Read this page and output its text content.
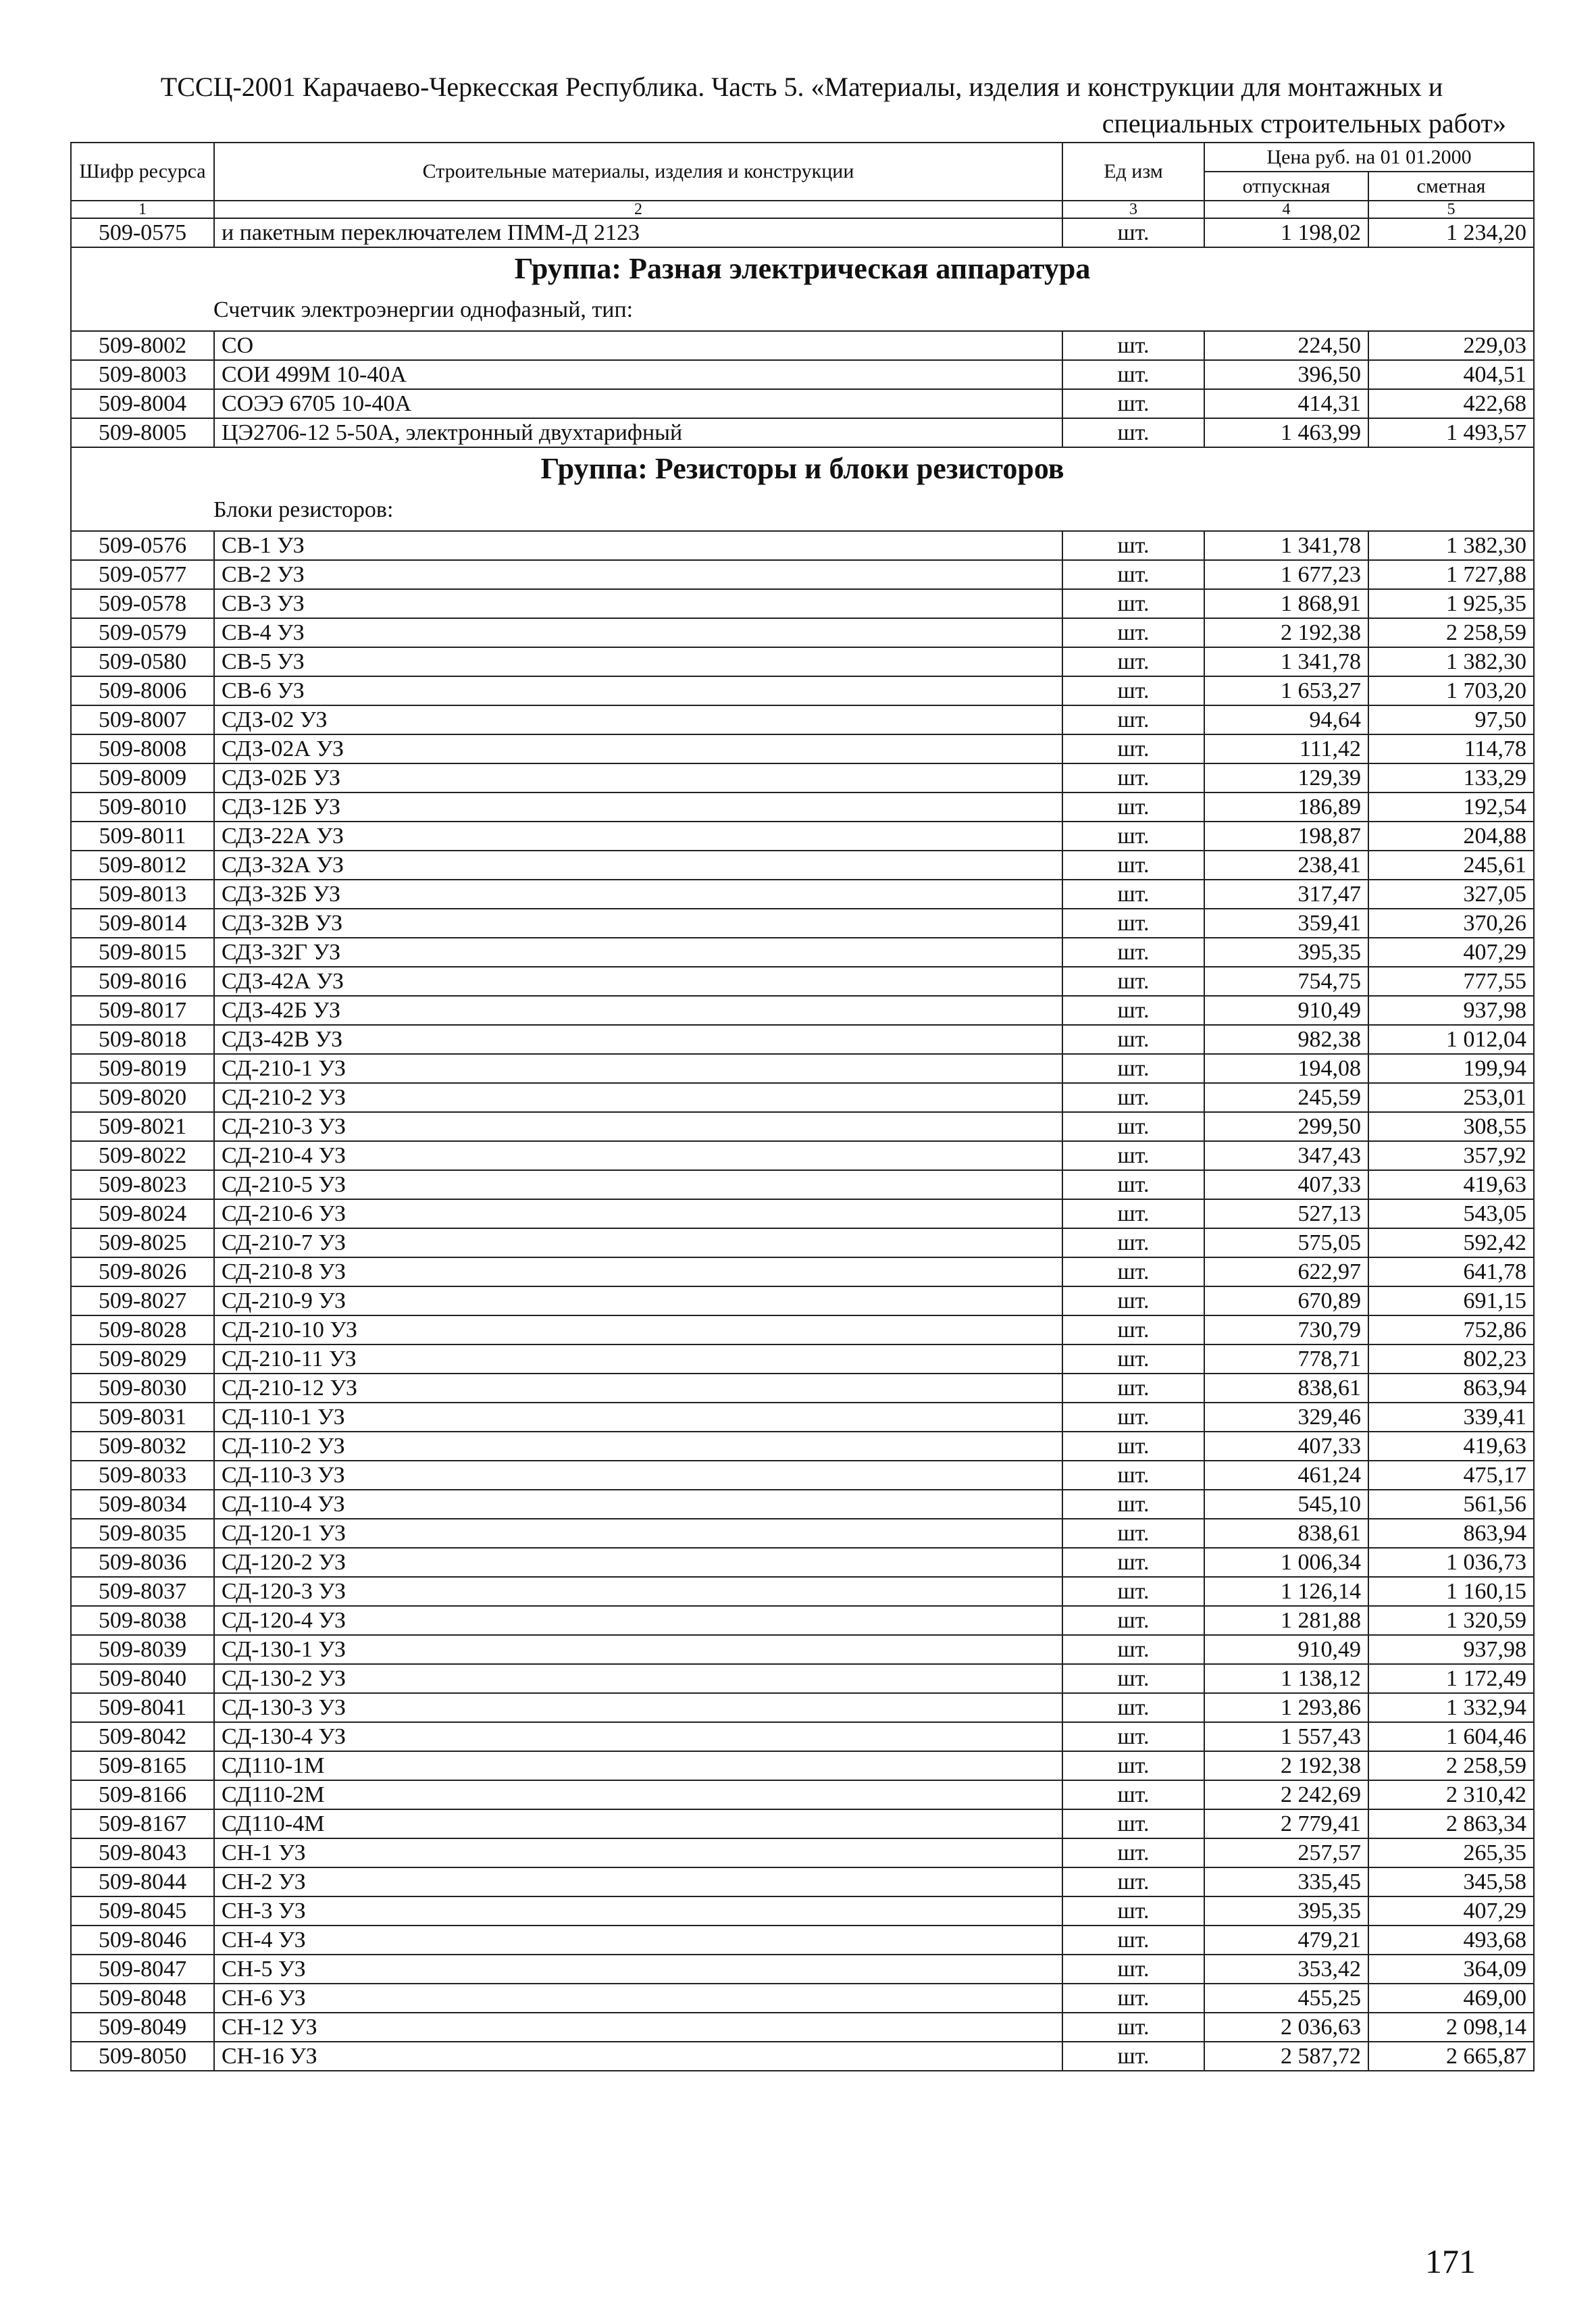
ТССЦ-2001 Карачаево-Черкесская Республика. Часть 5. «Материалы, изделия и конструкции для монтажных и
специальных строительных работ»
Шифр ресурса	Строительные материалы, изделия и конструкции	Ед изм	Цена руб. на 01 01.2000	
			отпускная	сметная
1	2	3	4	5
509-0575	и пакетным переключателем ПММ-Д 2123	шт.	1 198,02	1 234,20
Группа: Разная электрическая аппаратура				
Счетчик электроэнергии однофазный, тип:				
509-8002	СО	шт.	224,50	229,03
509-8003	СОИ 499М 10-40А	шт.	396,50	404,51
509-8004	СОЭЭ 6705 10-40А	шт.	414,31	422,68
509-8005	ЦЭ2706-12 5-50А, электронный двухтарифный	шт.	1 463,99	1 493,57
Группа: Резисторы и блоки резисторов				
Блоки резисторов:				
509-0576	СВ-1 УЗ	шт.	1 341,78	1 382,30
509-0577	СВ-2 УЗ	шт.	1 677,23	1 727,88
509-0578	СВ-3 УЗ	шт.	1 868,91	1 925,35
509-0579	СВ-4 УЗ	шт.	2 192,38	2 258,59
509-0580	СВ-5 УЗ	шт.	1 341,78	1 382,30
509-8006	СВ-6 УЗ	шт.	1 653,27	1 703,20
509-8007	СДЗ-02 УЗ	шт.	94,64	97,50
509-8008	СДЗ-02А УЗ	шт.	111,42	114,78
509-8009	СДЗ-02Б УЗ	шт.	129,39	133,29
509-8010	СДЗ-12Б УЗ	шт.	186,89	192,54
509-8011	СДЗ-22А УЗ	шт.	198,87	204,88
509-8012	СДЗ-32А УЗ	шт.	238,41	245,61
509-8013	СДЗ-32Б УЗ	шт.	317,47	327,05
509-8014	СДЗ-32В УЗ	шт.	359,41	370,26
509-8015	СДЗ-32Г УЗ	шт.	395,35	407,29
509-8016	СДЗ-42А УЗ	шт.	754,75	777,55
509-8017	СДЗ-42Б УЗ	шт.	910,49	937,98
509-8018	СДЗ-42В УЗ	шт.	982,38	1 012,04
509-8019	СД-210-1 УЗ	шт.	194,08	199,94
509-8020	СД-210-2 УЗ	шт.	245,59	253,01
509-8021	СД-210-3 УЗ	шт.	299,50	308,55
509-8022	СД-210-4 УЗ	шт.	347,43	357,92
509-8023	СД-210-5 УЗ	шт.	407,33	419,63
509-8024	СД-210-6 УЗ	шт.	527,13	543,05
509-8025	СД-210-7 УЗ	шт.	575,05	592,42
509-8026	СД-210-8 УЗ	шт.	622,97	641,78
509-8027	СД-210-9 УЗ	шт.	670,89	691,15
509-8028	СД-210-10 УЗ	шт.	730,79	752,86
509-8029	СД-210-11 УЗ	шт.	778,71	802,23
509-8030	СД-210-12 УЗ	шт.	838,61	863,94
509-8031	СД-110-1 УЗ	шт.	329,46	339,41
509-8032	СД-110-2 УЗ	шт.	407,33	419,63
509-8033	СД-110-3 УЗ	шт.	461,24	475,17
509-8034	СД-110-4 УЗ	шт.	545,10	561,56
509-8035	СД-120-1 УЗ	шт.	838,61	863,94
509-8036	СД-120-2 УЗ	шт.	1 006,34	1 036,73
509-8037	СД-120-3 УЗ	шт.	1 126,14	1 160,15
509-8038	СД-120-4 УЗ	шт.	1 281,88	1 320,59
509-8039	СД-130-1 УЗ	шт.	910,49	937,98
509-8040	СД-130-2 УЗ	шт.	1 138,12	1 172,49
509-8041	СД-130-3 УЗ	шт.	1 293,86	1 332,94
509-8042	СД-130-4 УЗ	шт.	1 557,43	1 604,46
509-8165	СД110-1М	шт.	2 192,38	2 258,59
509-8166	СД110-2М	шт.	2 242,69	2 310,42
509-8167	СД110-4М	шт.	2 779,41	2 863,34
509-8043	СН-1 УЗ	шт.	257,57	265,35
509-8044	СН-2 УЗ	шт.	335,45	345,58
509-8045	СН-3 УЗ	шт.	395,35	407,29
509-8046	СН-4 УЗ	шт.	479,21	493,68
509-8047	СН-5 УЗ	шт.	353,42	364,09
509-8048	СН-6 УЗ	шт.	455,25	469,00
509-8049	СН-12 УЗ	шт.	2 036,63	2 098,14
509-8050	СН-16 УЗ	шт.	2 587,72	2 665,87
171
